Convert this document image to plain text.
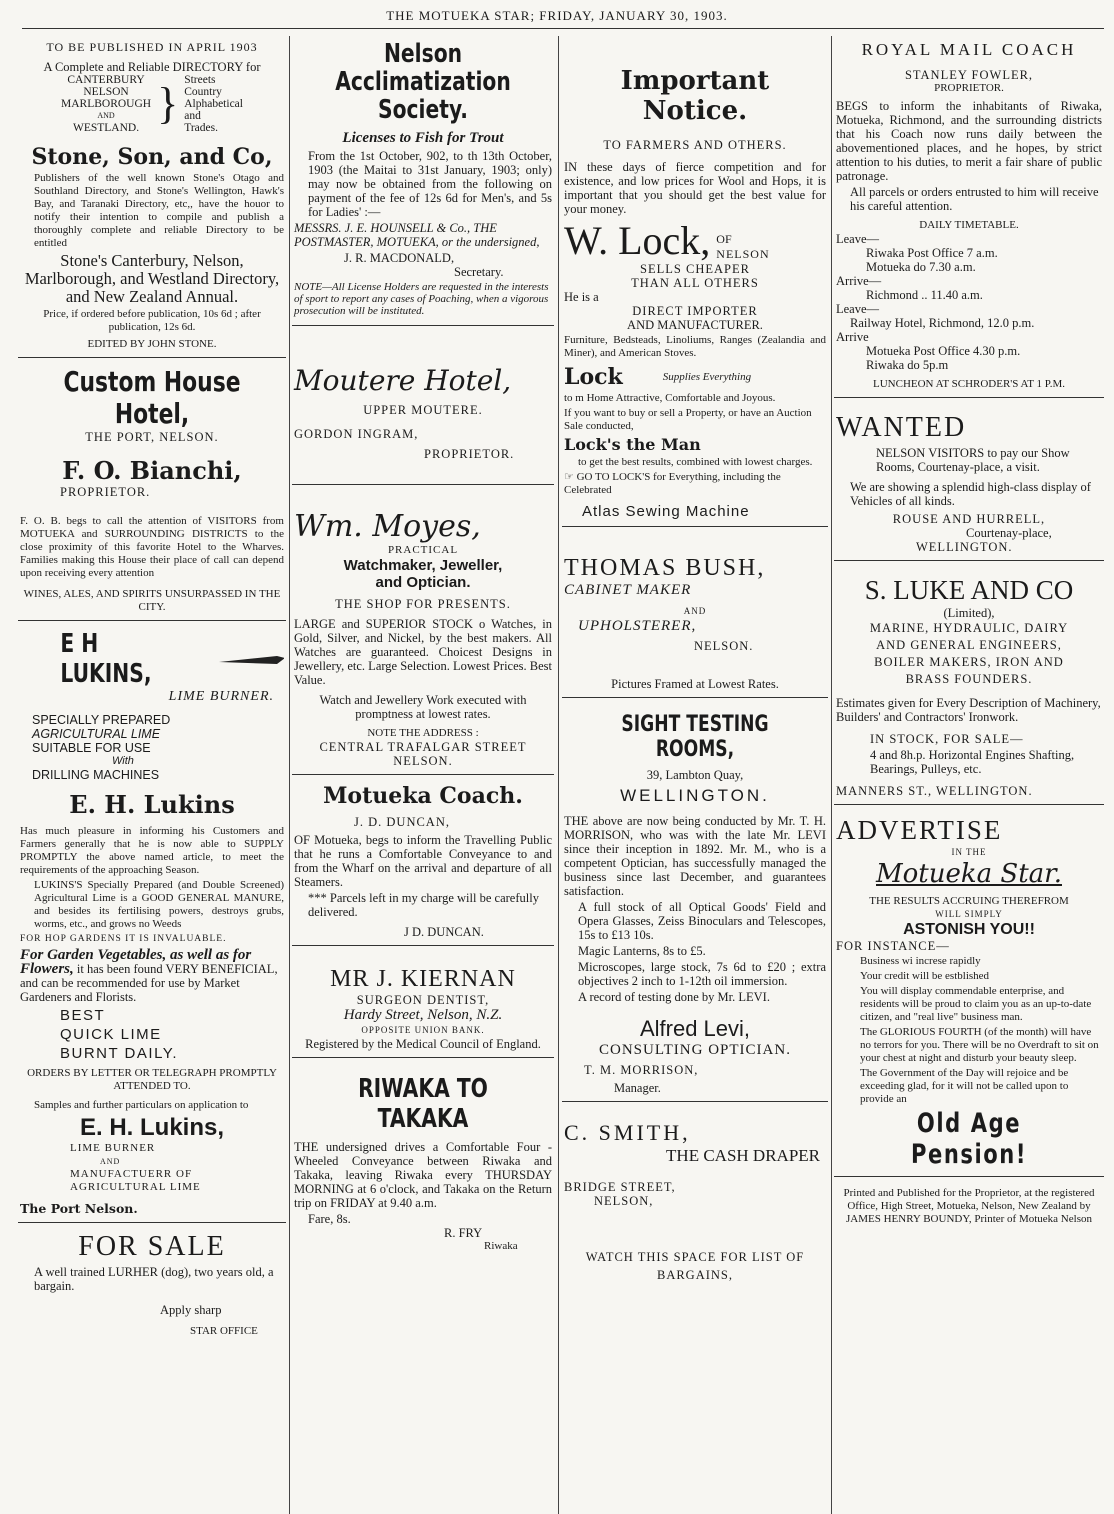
THE MOTUEKA STAR; FRIDAY, JANUARY 30, 1903.
TO BE PUBLISHED IN APRIL 1903
A Complete and Reliable DIRECTORY for
CANTERBURY
NELSON
MARLBOROUGH
AND
WESTLAND. } Streets
Country
Alphabetical
and
Trades.
Stone, Son, and Co,

Publishers of the well known Stone's Otago and Southland Directory, and Stone's Wellington, Hawk's Bay, and Taranaki Directory, etc,, have the houor to notify their intention to compile and publish a thoroughly complete and reliable Directory to be entitled

Stone's Canterbury, Nelson, Marlborough, and Westland Directory, and New Zealand Annual.

Price, if ordered before publication, 10s 6d ; after publication, 12s 6d.

EDITED BY JOHN STONE.
Custom House Hotel,
THE PORT, NELSON.
F. O. Bianchi,
PROPRIETOR.

F. O. B. begs to call the attention of VISITORS from MOTUEKA and SURROUNDING DISTRICTS to the close proximity of this favorite Hotel to the Wharves. Families making this House their place of call can depend upon receiving every attention

WINES, ALES, AND SPIRITS UNSURPASSED IN THE CITY.
E H LUKINS,
LIME BURNER.
SPECIALLY PREPARED
AGRICULTURAL LIME
SUITABLE FOR USE
With
DRILLING MACHINES
E. H. Lukins

Has much pleasure in informing his Customers and Farmers generally that he is now able to SUPPLY PROMPTLY the above named article, to meet the requirements of the approaching Season.

LUKINS'S Specially Prepared (and Double Screened) Agricultural Lime is a GOOD GENERAL MANURE, and besides its fertilising powers, destroys grubs, worms, etc., and grows no Weeds

FOR HOP GARDENS IT IS INVALUABLE.

For Garden Vegetables, as well as for Flowers, it has been found VERY BENEFICIAL, and can be recommended for use by Market Gardeners and Florists.

BEST
QUICK LIME
BURNT DAILY.
ORDERS BY LETTER OR TELEGRAPH PROMPTLY ATTENDED TO.

Samples and further particulars on application to

E. H. Lukins,
LIME BURNER
AND
MANUFACTUERR OF
AGRICULTURAL LIME
The Port Nelson.
FOR SALE

A well trained LURHER (dog), two years old, a bargain.

Apply sharp
STAR OFFICE
Nelson Acclimatization
Society.
Licenses to Fish for Trout

From the 1st October, 902, to th 13th October, 1903 (the Maitai to 31st January, 1903; only) may now be obtained from the following on payment of the fee of 12s 6d for Men's, and 5s for Ladies' :—

MESSRS. J. E. HOUNSELL & Co., THE POSTMASTER, MOTUEKA, or the undersigned,

J. R. MACDONALD,
Secretary.

NOTE—All License Holders are requested in the interests of sport to report any cases of Poaching, when a vigorous prosecution will be instituted.

Moutere Hotel,
UPPER MOUTERE.
GORDON INGRAM,
PROPRIETOR.
Wm. Moyes,
PRACTICAL
Watchmaker, Jeweller,
and Optician.
THE SHOP FOR PRESENTS.

LARGE and SUPERIOR STOCK o Watches, in Gold, Silver, and Nickel, by the best makers. All Watches are guaranteed. Choicest Designs in Jewellery, etc. Large Selection. Lowest Prices. Best Value.

Watch and Jewellery Work executed with promptness at lowest rates.

NOTE THE ADDRESS :
CENTRAL TRAFALGAR STREET
NELSON.
Motueka Coach.
J. D. DUNCAN,

OF Motueka, begs to inform the Travelling Public that he runs a Comfortable Conveyance to and from the Wharf on the arrival and departure of all Steamers.

*** Parcels left in my charge will be carefully delivered.

J D. DUNCAN.
MR J. KIERNAN
SURGEON DENTIST,
Hardy Street, Nelson, N.Z.
OPPOSITE UNION BANK.
Registered by the Medical Council of England.
RIWAKA TO TAKAKA

THE undersigned drives a Comfortable Four - Wheeled Conveyance between Riwaka and Takaka, leaving Riwaka every THURSDAY MORNING at 6 o'clock, and Takaka on the Return trip on FRIDAY at 9.40 a.m.

Fare, 8s.
R. FRY
Riwaka
Important Notice.
TO FARMERS AND OTHERS.

IN these days of fierce competition and for existence, and low prices for Wool and Hops, it is important that you should get the best value for your money.

W. Lock, OF
NELSON
SELLS CHEAPER
THAN ALL OTHERS
He is a
DIRECT IMPORTER
AND MANUFACTURER.

Furniture, Bedsteads, Linoliums, Ranges (Zealandia and Miner), and American Stoves.

Lock	Supplies Everything

to m Home Attractive, Comfortable and Joyous.

If you want to buy or sell a Property, or have an Auction Sale conducted,

Lock's the Man

to get the best results, combined with lowest charges.

☞ GO TO LOCK'S for Everything, including the Celebrated

Atlas Sewing Machine
THOMAS BUSH,
CABINET MAKER
AND
UPHOLSTERER,
NELSON.
Pictures Framed at Lowest Rates.
SIGHT TESTING ROOMS,
39, Lambton Quay,
WELLINGTON.

THE above are now being conducted by Mr. T. H. MORRISON, who was with the late Mr. LEVI since their inception in 1892. Mr. M., who is a competent Optician, has successfully managed the business since last December, and guarantees satisfaction.

A full stock of all Optical Goods' Field and Opera Glasses, Zeiss Binoculars and Telescopes, 15s to £13 10s.

Magic Lanterns, 8s to £5.

Microscopes, large stock, 7s 6d to £20 ; extra objectives 2 inch to 1-12th oil immersion.

A record of testing done by Mr. LEVI.

Alfred Levi,
CONSULTING OPTICIAN.
T. M. MORRISON,
Manager.
C. SMITH,
THE CASH DRAPER
BRIDGE STREET,
NELSON,
WATCH THIS SPACE FOR LIST OF BARGAINS,
ROYAL MAIL COACH
STANLEY FOWLER,
PROPRIETOR.

BEGS to inform the inhabitants of Riwaka, Motueka, Richmond, and the surrounding districts that his Coach now runs daily between the abovementioned places, and he hopes, by strict attention to his duties, to merit a fair share of public patronage.

All parcels or orders entrusted to him will receive his careful attention.

DAILY TIMETABLE.
Leave—
Riwaka Post Office 7 a.m.
Motueka do 7.30 a.m.
Arrive—
Richmond .. 11.40 a.m.
Leave—
Railway Hotel, Richmond, 12.0 p.m.
Arrive
Motueka Post Office 4.30 p.m.
Riwaka do 5p.m
LUNCHEON AT SCHRODER'S AT 1 P.M.
WANTED

NELSON VISITORS to pay our Show Rooms, Courtenay-place, a visit.

We are showing a splendid high-class display of Vehicles of all kinds.

ROUSE AND HURRELL,
Courtenay-place,
WELLINGTON.
S. LUKE AND CO
(Limited),
MARINE, HYDRAULIC, DAIRY
AND GENERAL ENGINEERS,
BOILER MAKERS, IRON AND
BRASS FOUNDERS.

Estimates given for Every Description of Machinery, Builders' and Contractors' Ironwork.

IN STOCK, FOR SALE—

4 and 8h.p. Horizontal Engines Shafting, Bearings, Pulleys, etc.

MANNERS ST., WELLINGTON.
ADVERTISE
IN THE
Motueka Star.
THE RESULTS ACCRUING THEREFROM
WILL SIMPLY
ASTONISH YOU!!
FOR INSTANCE—

Business wi increse rapidly

Your credit will be estblished

You will display commendable enterprise, and residents will be proud to claim you as an up-to-date citizen, and "real live" business man.

The GLORIOUS FOURTH (of the month) will have no terrors for you. There will be no Overdraft to sit on your chest at night and disturb your beauty sleep.

The Government of the Day will rejoice and be exceeding glad, for it will not be called upon to provide an

Old Age Pension!

Printed and Published for the Proprietor, at the registered Office, High Street, Motueka, Nelson, New Zealand by JAMES HENRY BOUNDY, Printer of Motueka Nelson
